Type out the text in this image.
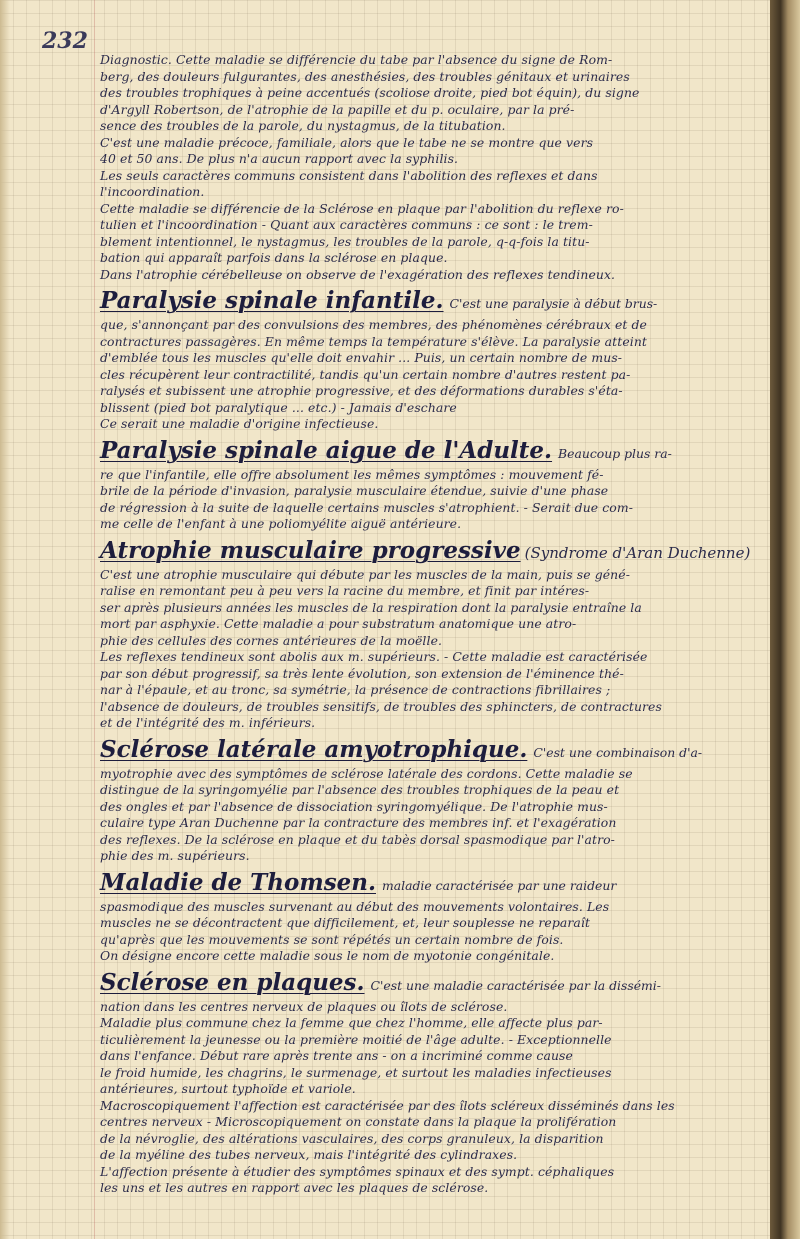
232
Diagnostic. Cette maladie se différencie du tabe par l'absence du signe de Rom-
berg, des douleurs fulgurantes, des anesthésies, des troubles génitaux et urinaires
des troubles trophiques à peine accentués (scoliose droite, pied bot équin), du signe
d'Argyll Robertson, de l'atrophie de la papille et du p. oculaire, par la pré-
sence des troubles de la parole, du nystagmus, de la titubation.
C'est une maladie précoce, familiale, alors que le tabe ne se montre que vers
40 et 50 ans. De plus n'a aucun rapport avec la syphilis.
Les seuls caractères communs consistent dans l'abolition des reflexes et dans
l'incoordination.
Cette maladie se différencie de la Sclérose en plaque par l'abolition du reflexe ro-
tulien et l'incoordination - Quant aux caractères communs : ce sont : le trem-
blement intentionnel, le nystagmus, les troubles de la parole, q-q-fois la titu-
bation qui apparaît parfois dans la sclérose en plaque.
Dans l'atrophie cérébelleuse on observe de l'exagération des reflexes tendineux.
Paralysie spinale infantile. C'est une paralysie à début brus-
que, s'annonçant par des convulsions des membres, des phénomènes cérébraux et de
contractures passagères. En même temps la température s'élève. La paralysie atteint
d'emblée tous les muscles qu'elle doit envahir ... Puis, un certain nombre de mus-
cles récupèrent leur contractilité, tandis qu'un certain nombre d'autres restent pa-
ralysés et subissent une atrophie progressive, et des déformations durables s'éta-
blissent (pied bot paralytique ... etc.) - Jamais d'eschare
Ce serait une maladie d'origine infectieuse.
Paralysie spinale aigue de l'Adulte. Beaucoup plus ra-
re que l'infantile, elle offre absolument les mêmes symptômes : mouvement fé-
brile de la période d'invasion, paralysie musculaire étendue, suivie d'une phase
de régression à la suite de laquelle certains muscles s'atrophient. - Serait due com-
me celle de l'enfant à une poliomyélite aiguë antérieure.
Atrophie musculaire progressive (Syndrome d'Aran Duchenne)
C'est une atrophie musculaire qui débute par les muscles de la main, puis se géné-
ralise en remontant peu à peu vers la racine du membre, et finit par intéres-
ser après plusieurs années les muscles de la respiration dont la paralysie entraîne la
mort par asphyxie. Cette maladie a pour substratum anatomique une atro-
phie des cellules des cornes antérieures de la moëlle.
Les reflexes tendineux sont abolis aux m. supérieurs. - Cette maladie est caractérisée
par son début progressif, sa très lente évolution, son extension de l'éminence thé-
nar à l'épaule, et au tronc, sa symétrie, la présence de contractions fibrillaires ;
l'absence de douleurs, de troubles sensitifs, de troubles des sphincters, de contractures
et de l'intégrité des m. inférieurs.
Sclérose latérale amyotrophique. C'est une combinaison d'a-
myotrophie avec des symptômes de sclérose latérale des cordons. Cette maladie se
distingue de la syringomyélie par l'absence des troubles trophiques de la peau et
des ongles et par l'absence de dissociation syringomyélique. De l'atrophie mus-
culaire type Aran Duchenne par la contracture des membres inf. et l'exagération
des reflexes. De la sclérose en plaque et du tabès dorsal spasmodique par l'atro-
phie des m. supérieurs.
Maladie de Thomsen. maladie caractérisée par une raideur
spasmodique des muscles survenant au début des mouvements volontaires. Les
muscles ne se décontractent que difficilement, et, leur souplesse ne reparaît
qu'après que les mouvements se sont répétés un certain nombre de fois.
On désigne encore cette maladie sous le nom de myotonie congénitale.
Sclérose en plaques. C'est une maladie caractérisée par la dissémi-
nation dans les centres nerveux de plaques ou îlots de sclérose.
Maladie plus commune chez la femme que chez l'homme, elle affecte plus par-
ticulièrement la jeunesse ou la première moitié de l'âge adulte. - Exceptionnelle
dans l'enfance. Début rare après trente ans - on a incriminé comme cause
le froid humide, les chagrins, le surmenage, et surtout les maladies infectieuses
antérieures, surtout typhoïde et variole.
Macroscopiquement l'affection est caractérisée par des îlots scléreux disséminés dans les
centres nerveux - Microscopiquement on constate dans la plaque la prolifération
de la névroglie, des altérations vasculaires, des corps granuleux, la disparition
de la myéline des tubes nerveux, mais l'intégrité des cylindraxes.
L'affection présente à étudier des symptômes spinaux et des sympt. céphaliques
les uns et les autres en rapport avec les plaques de sclérose.
